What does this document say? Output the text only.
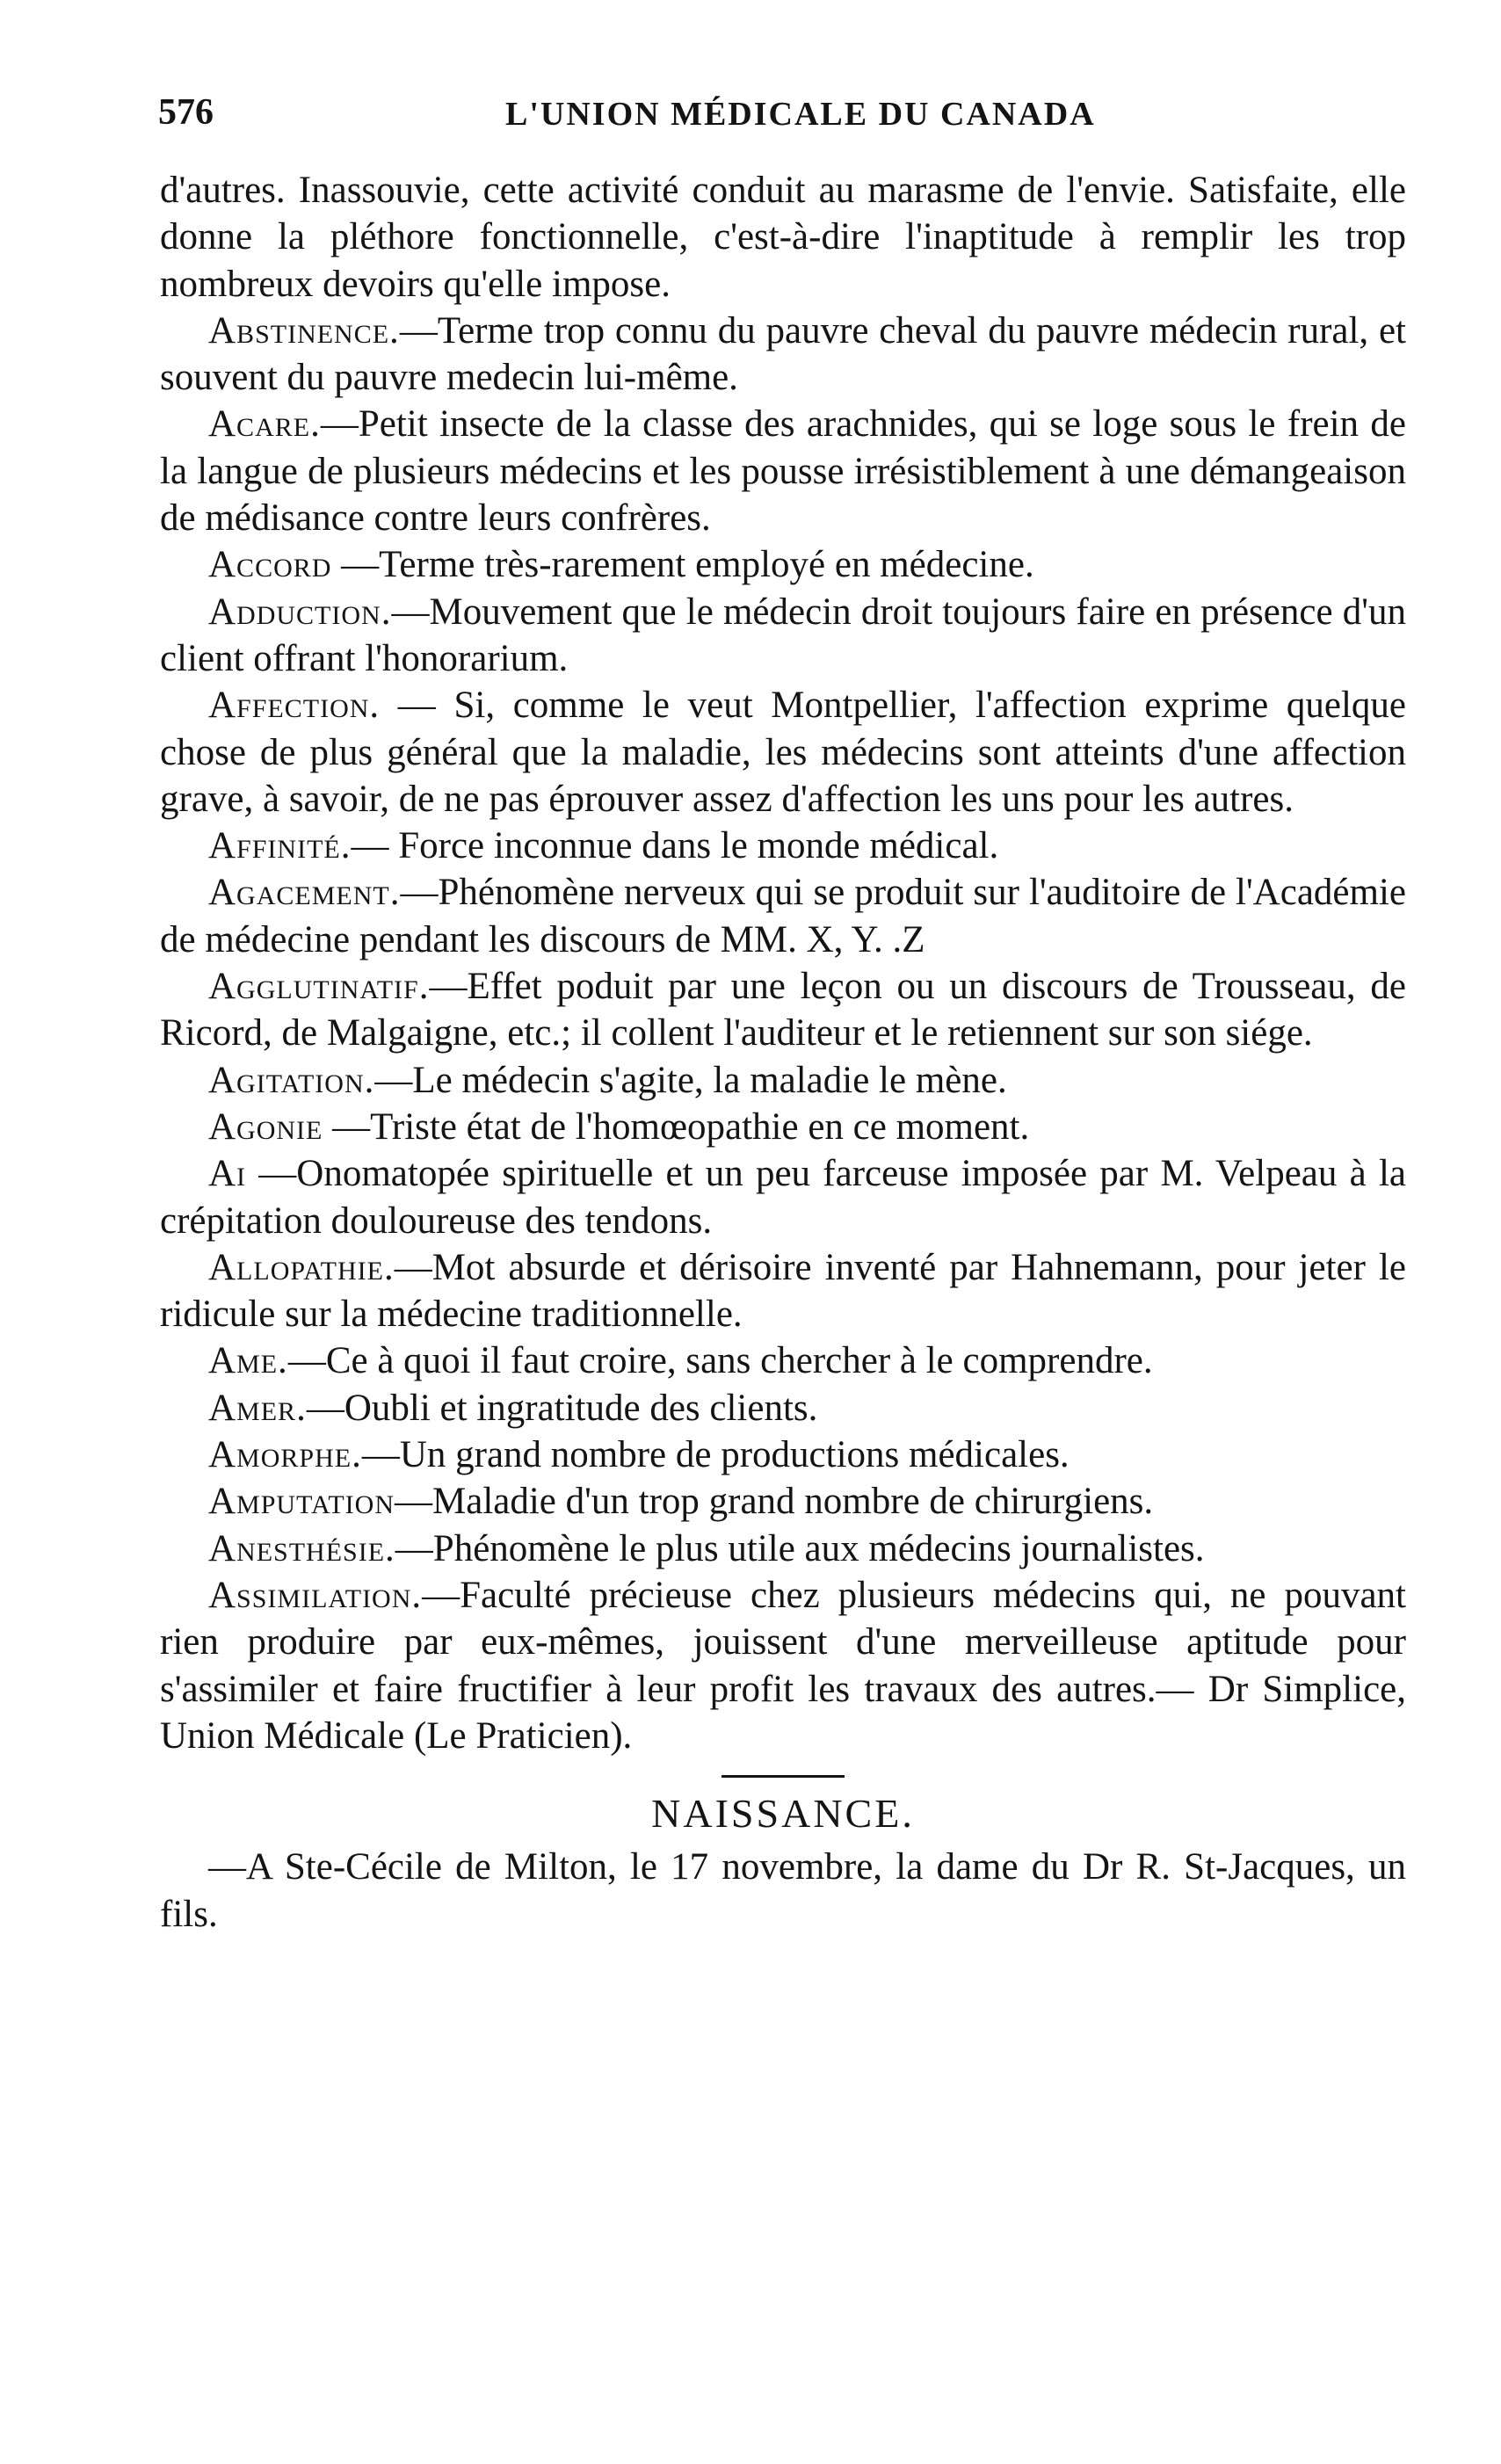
576	L'UNION MÉDICALE DU CANADA

d'autres. Inassouvie, cette activité conduit au marasme de l'envie. Satisfaite, elle donne la pléthore fonctionnelle, c'est-à-dire l'inaptitude à remplir les trop nombreux devoirs qu'elle impose.

Abstinence.—Terme trop connu du pauvre cheval du pauvre médecin rural, et souvent du pauvre medecin lui-même.

Acare.—Petit insecte de la classe des arachnides, qui se loge sous le frein de la langue de plusieurs médecins et les pousse irrésistiblement à une démangeaison de médisance contre leurs confrères.

Accord —Terme très-rarement employé en médecine.

Adduction.—Mouvement que le médecin droit toujours faire en présence d'un client offrant l'honorarium.

Affection. — Si, comme le veut Montpellier, l'affection exprime quelque chose de plus général que la maladie, les médecins sont atteints d'une affection grave, à savoir, de ne pas éprouver assez d'affection les uns pour les autres.

Affinité.— Force inconnue dans le monde médical.

Agacement.—Phénomène nerveux qui se produit sur l'auditoire de l'Académie de médecine pendant les discours de MM. X, Y. .Z

Agglutinatif.—Effet poduit par une leçon ou un discours de Trousseau, de Ricord, de Malgaigne, etc.; il collent l'auditeur et le retiennent sur son siége.

Agitation.—Le médecin s'agite, la maladie le mène.

Agonie —Triste état de l'homœopathie en ce moment.

Ai —Onomatopée spirituelle et un peu farceuse imposée par M. Velpeau à la crépitation douloureuse des tendons.

Allopathie.—Mot absurde et dérisoire inventé par Hahnemann, pour jeter le ridicule sur la médecine traditionnelle.

Ame.—Ce à quoi il faut croire, sans chercher à le comprendre.

Amer.—Oubli et ingratitude des clients.

Amorphe.—Un grand nombre de productions médicales.

Amputation—Maladie d'un trop grand nombre de chirurgiens.

Anesthésie.—Phénomène le plus utile aux médecins journalistes.

Assimilation.—Faculté précieuse chez plusieurs médecins qui, ne pouvant rien produire par eux-mêmes, jouissent d'une merveilleuse aptitude pour s'assimiler et faire fructifier à leur profit les travaux des autres.— Dr Simplice, Union Médicale (Le Praticien).

NAISSANCE.

—A Ste-Cécile de Milton, le 17 novembre, la dame du Dr R. St-Jacques, un fils.
